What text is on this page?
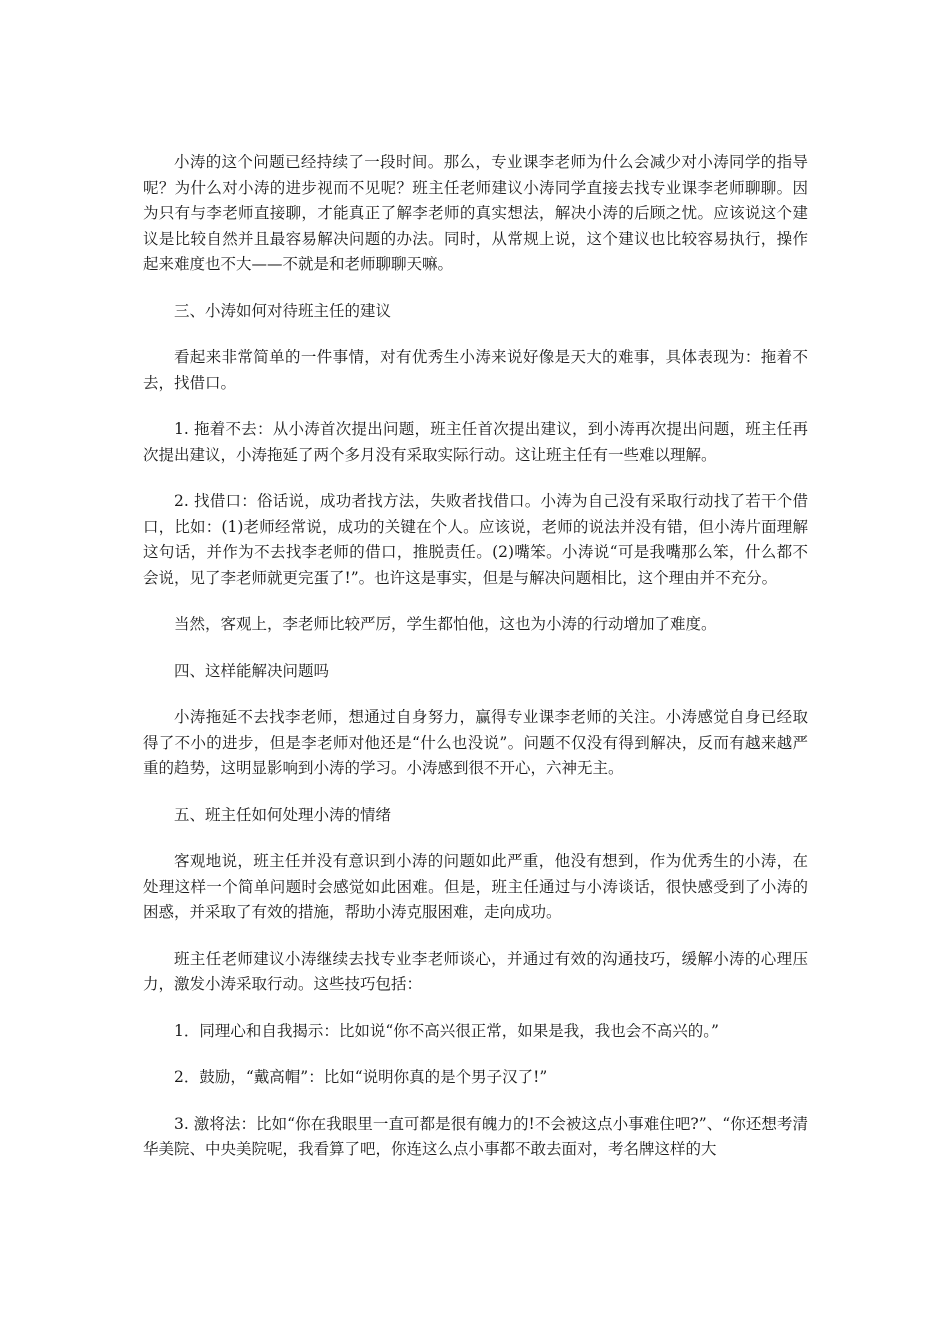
小涛的这个问题已经持续了一段时间。那么，专业课李老师为什么会减少对小涛同学的指导呢？为什么对小涛的进步视而不见呢？班主任老师建议小涛同学直接去找专业课李老师聊聊。因为只有与李老师直接聊，才能真正了解李老师的真实想法，解决小涛的后顾之忧。应该说这个建议是比较自然并且最容易解决问题的办法。同时，从常规上说，这个建议也比较容易执行，操作起来难度也不大——不就是和老师聊聊天嘛。

三、小涛如何对待班主任的建议

看起来非常简单的一件事情，对有优秀生小涛来说好像是天大的难事，具体表现为：拖着不去，找借口。

1. 拖着不去：从小涛首次提出问题，班主任首次提出建议，到小涛再次提出问题，班主任再次提出建议，小涛拖延了两个多月没有采取实际行动。这让班主任有一些难以理解。

2. 找借口：俗话说，成功者找方法，失败者找借口。小涛为自己没有采取行动找了若干个借口，比如：(1)老师经常说，成功的关键在个人。应该说，老师的说法并没有错，但小涛片面理解这句话，并作为不去找李老师的借口，推脱责任。(2)嘴笨。小涛说“可是我嘴那么笨，什么都不会说，见了李老师就更完蛋了!”。也许这是事实，但是与解决问题相比，这个理由并不充分。

当然，客观上，李老师比较严厉，学生都怕他，这也为小涛的行动增加了难度。

四、这样能解决问题吗

小涛拖延不去找李老师，想通过自身努力，赢得专业课李老师的关注。小涛感觉自身已经取得了不小的进步，但是李老师对他还是“什么也没说”。问题不仅没有得到解决，反而有越来越严重的趋势，这明显影响到小涛的学习。小涛感到很不开心，六神无主。

五、班主任如何处理小涛的情绪

客观地说，班主任并没有意识到小涛的问题如此严重，他没有想到，作为优秀生的小涛，在处理这样一个简单问题时会感觉如此困难。但是，班主任通过与小涛谈话，很快感受到了小涛的困惑，并采取了有效的措施，帮助小涛克服困难，走向成功。

班主任老师建议小涛继续去找专业李老师谈心，并通过有效的沟通技巧，缓解小涛的心理压力，激发小涛采取行动。这些技巧包括：

1．同理心和自我揭示：比如说“你不高兴很正常，如果是我，我也会不高兴的。”

2．鼓励，“戴高帽”：比如“说明你真的是个男子汉了!”

3. 激将法：比如“你在我眼里一直可都是很有魄力的!不会被这点小事难住吧?”、“你还想考清华美院、中央美院呢，我看算了吧，你连这么点小事都不敢去面对，考名牌这样的大
